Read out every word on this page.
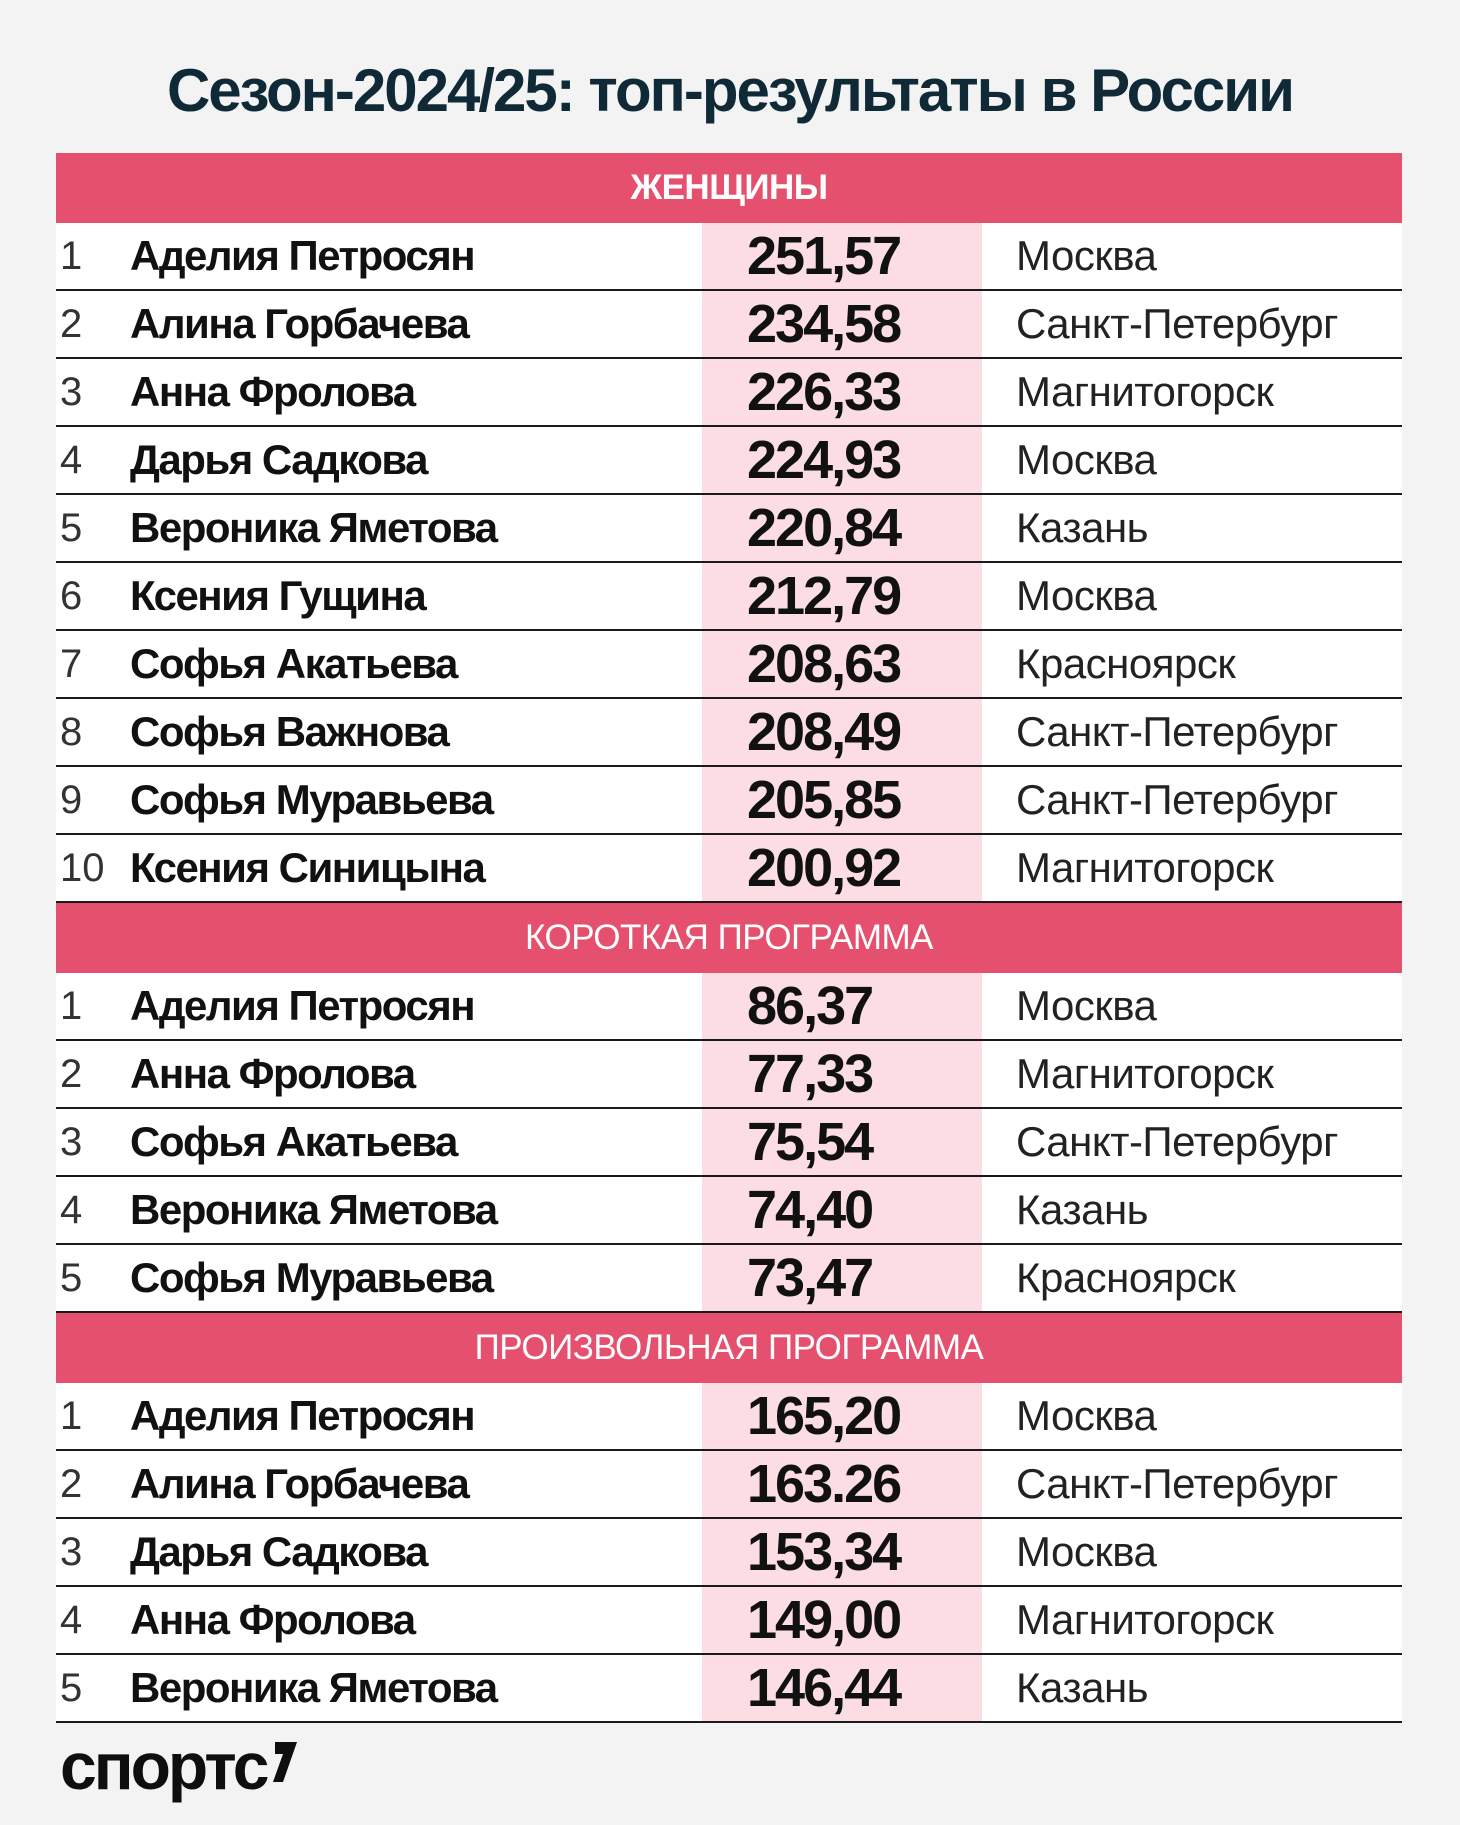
Сезон-2024/25: топ-результаты в России
ЖЕНЩИНЫ
1	Аделия Петросян	251,57	Москва
2	Алина Горбачева	234,58	Санкт-Петербург
3	Анна Фролова	226,33	Магнитогорск
4	Дарья Садкова	224,93	Москва
5	Вероника Яметова	220,84	Казань
6	Ксения Гущина	212,79	Москва
7	Софья Акатьева	208,63	Красноярск
8	Софья Важнова	208,49	Санкт-Петербург
9	Софья Муравьева	205,85	Санкт-Петербург
10 Ксения Синицына	200,92	Магнитогорск
КОРОТКАЯ ПРОГРАММА
1	Аделия Петросян	86,37	Москва
2	Анна Фролова	77,33	Магнитогорск
3	Софья Акатьева	75,54	Санкт-Петербург
4	Вероника Яметова	74,40	Казань
5	Софья Муравьева	73,47	Красноярск
ПРОИЗВОЛЬНАЯ ПРОГРАММА
1	Аделия Петросян	165,20	Москва
2	Алина Горбачева	163.26	Санкт-Петербург
3	Дарья Садкова	153,34	Москва
4	Анна Фролова	149,00	Магнитогорск
5	Вероника Яметова	146,44	Казань
спортс
